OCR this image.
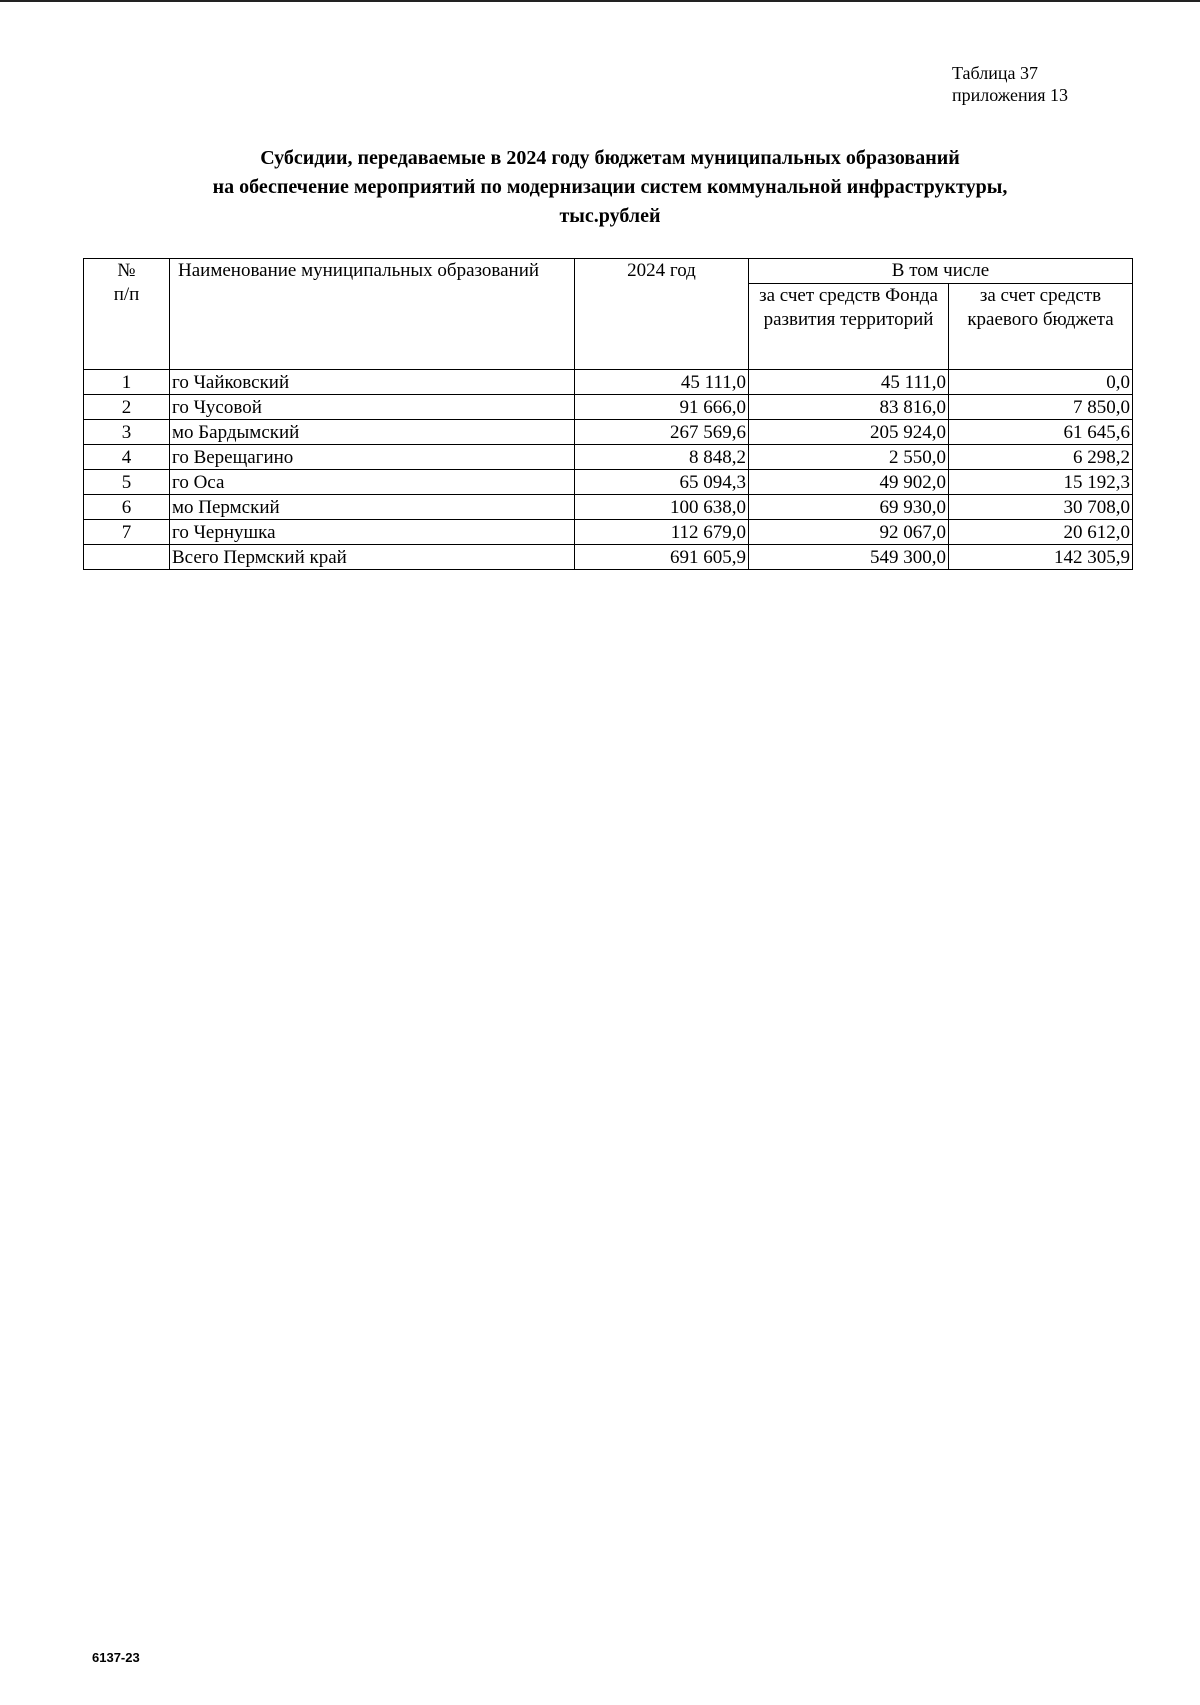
Таблица 37
приложения 13
Субсидии, передаваемые в 2024 году бюджетам муниципальных образований
на обеспечение мероприятий по модернизации систем коммунальной инфраструктуры,
тыс.рублей
№
п/п	Наименование муниципальных образований	2024 год	В том числе	
			за счет средств Фонда развития территорий	за счет средств краевого бюджета
1	го Чайковский	45 111,0	45 111,0	0,0
2	го Чусовой	91 666,0	83 816,0	7 850,0
3	мо Бардымский	267 569,6	205 924,0	61 645,6
4	го Верещагино	8 848,2	2 550,0	6 298,2
5	го Оса	65 094,3	49 902,0	15 192,3
6	мо Пермский	100 638,0	69 930,0	30 708,0
7	го Чернушка	112 679,0	92 067,0	20 612,0
	Всего Пермский край	691 605,9	549 300,0	142 305,9
6137-23
